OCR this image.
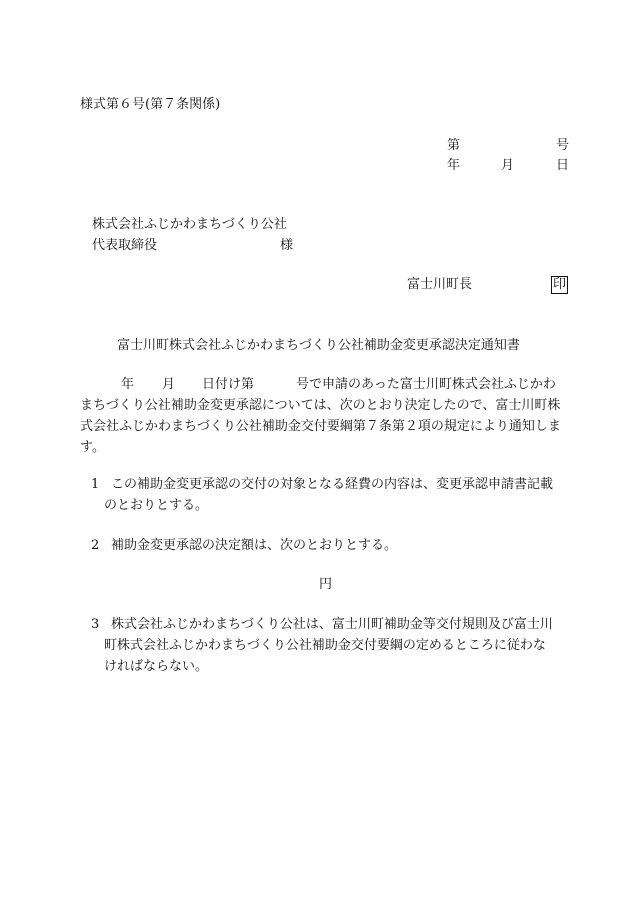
様式第６号(第７条関係)
第	号
年	月	日
株式会社ふじかわまちづくり公社
代表取締役	様
富士川町長	印
富士川町株式会社ふじかわまちづくり公社補助金変更承認決定通知書
年 月 日付け第	号で申請のあった富士川町株式会社ふじかわ
まちづくり公社補助金変更承認については、次のとおり決定したので、富士川町株
式会社ふじかわまちづくり公社補助金交付要綱第７条第２項の規定により通知しま
す。
1 この補助金変更承認の交付の対象となる経費の内容は、変更承認申請書記載
のとおりとする。
2 補助金変更承認の決定額は、次のとおりとする。
円
3 株式会社ふじかわまちづくり公社は、富士川町補助金等交付規則及び富士川
町株式会社ふじかわまちづくり公社補助金交付要綱の定めるところに従わな
ければならない。
